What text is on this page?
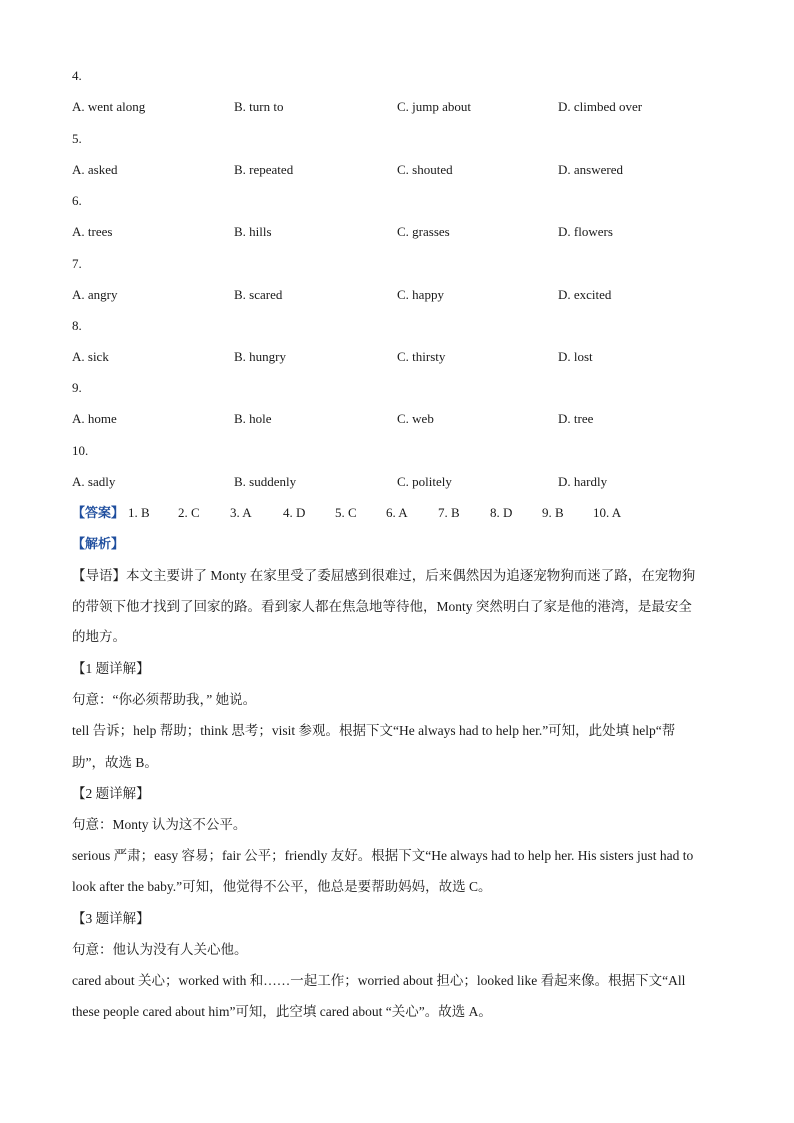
4.
A. went along	B. turn to	C. jump about	D. climbed over
5.
A. asked	B. repeated	C. shouted	D. answered
6.
A. trees	B. hills	C. grasses	D. flowers
7.
A. angry	B. scared	C. happy	D. excited
8.
A. sick	B. hungry	C. thirsty	D. lost
9.
A. home	B. hole	C. web	D. tree
10.
A. sadly	B. suddenly	C. politely	D. hardly
【答案】 1. B 2. C 3. A 4. D 5. C 6. A 7. B 8. D 9. B 10. A
【解析】
【导语】本文主要讲了 Monty 在家里受了委屈感到很难过，后来偶然因为追逐宠物狗而迷了路，在宠物狗
的带领下他才找到了回家的路。看到家人都在焦急地等待他，Monty 突然明白了家是他的港湾，是最安全
的地方。
【1 题详解】
句意：“你必须帮助我，” 她说。
tell 告诉；help 帮助；think 思考；visit 参观。根据下文“He always had to help her.”可知，此处填 help“帮
助”，故选 B。
【2 题详解】
句意：Monty 认为这不公平。
serious 严肃；easy 容易；fair 公平；friendly 友好。根据下文“He always had to help her. His sisters just had to
look after the baby.”可知，他觉得不公平，他总是要帮助妈妈，故选 C。
【3 题详解】
句意：他认为没有人关心他。
cared about 关心；worked with 和……一起工作；worried about 担心；looked like 看起来像。根据下文“All
these people cared about him”可知，此空填 cared about “关心”。故选 A。
